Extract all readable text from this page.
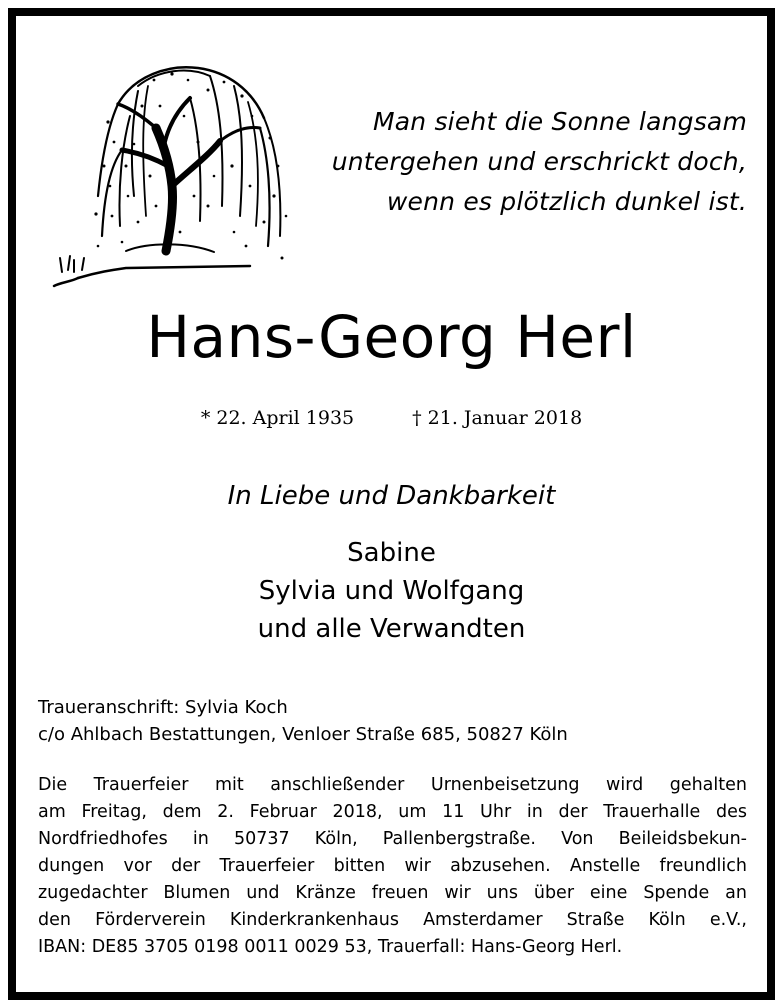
Man sieht die Sonne langsam
untergehen und erschrickt doch,
wenn es plötzlich dunkel ist.
Hans-Georg Herl
* 22. April 1935	† 21. Januar 2018
In Liebe und Dankbarkeit
Sabine
Sylvia und Wolfgang
und alle Verwandten
Traueranschrift: Sylvia Koch
c/o Ahlbach Bestattungen, Venloer Straße 685, 50827 Köln
Die Trauerfeier mit anschließender Urnenbeisetzung wird gehalten
am Freitag, dem 2. Februar 2018, um 11 Uhr in der Trauerhalle des
Nordfriedhofes in 50737 Köln, Pallenbergstraße. Von Beileidsbekun-
dungen vor der Trauerfeier bitten wir abzusehen. Anstelle freundlich
zugedachter Blumen und Kränze freuen wir uns über eine Spende an
den Förderverein Kinderkrankenhaus Amsterdamer Straße Köln e.V.,
IBAN: DE85 3705 0198 0011 0029 53, Trauerfall: Hans-Georg Herl.
